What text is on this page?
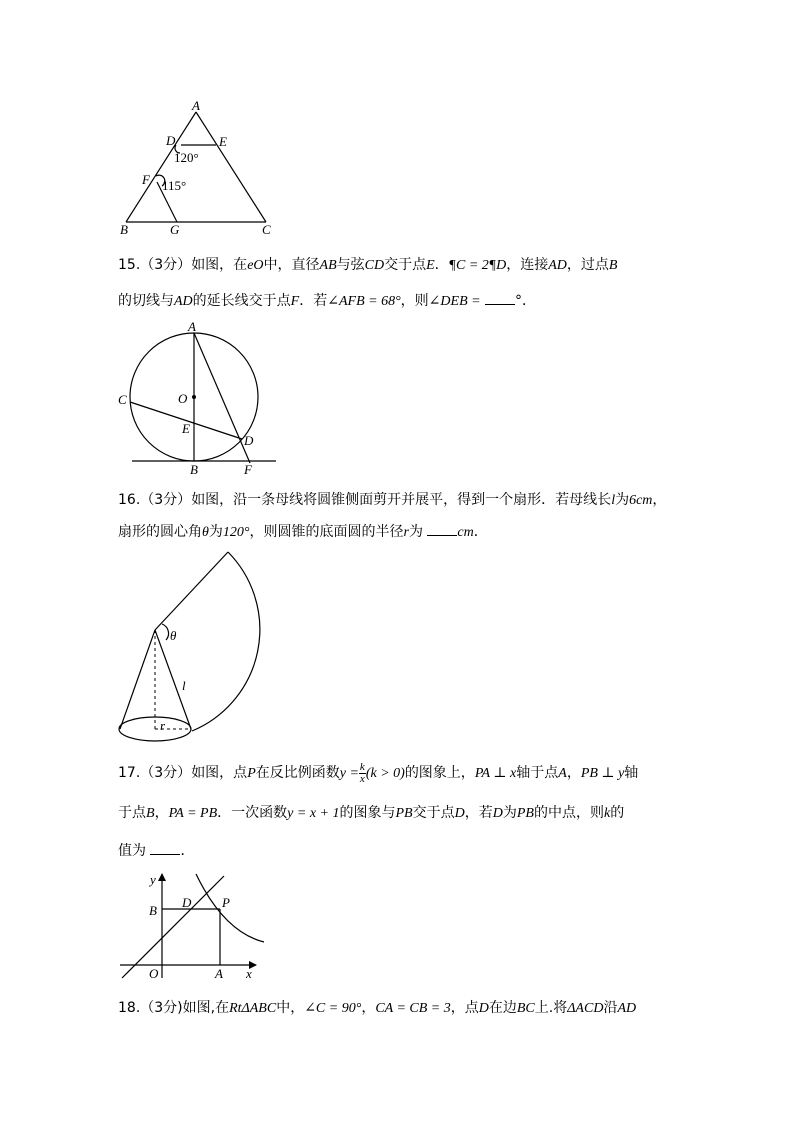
A
D	E
120°
F 115°
B	G	C
15.（3分）如图，在eO中，直径AB与弦CD交于点E．¶C = 2¶D，连接AD，过点B
的切线与AD的延长线交于点F．若∠AFB = 68°，则∠DEB = °．
A
C	O
E
D
B	F
16.（3分）如图，沿一条母线将圆锥侧面剪开并展平，得到一个扇形．若母线长l为6cm，
扇形的圆心角θ为120°，则圆锥的底面圆的半径r为 cm．
θ
l
r
17.（3分）如图，点P在反比例函数$y = \frac{k}{x} (k > 0)$的图象上，PA ⊥ x轴于点A，PB ⊥ y轴
于点B，PA = PB．一次函数y = x + 1的图象与PB交于点D，若D为PB的中点，则k的
值为 ．
y
B
D P
O	A x
18.（3分)如图,在RtΔABC中，∠C = 90°，CA = CB = 3，点D在边BC上.将ΔACD沿AD
